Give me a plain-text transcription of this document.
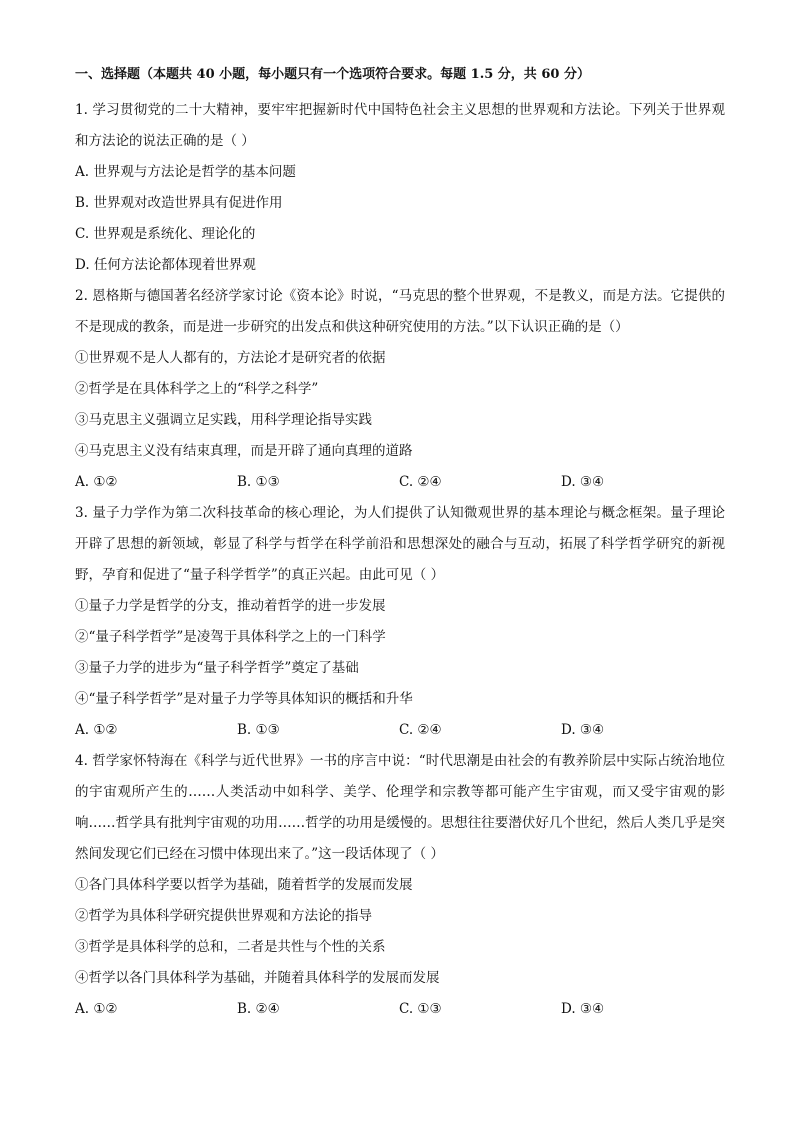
一、选择题（本题共 40 小题，每小题只有一个选项符合要求。每题 1.5 分，共 60 分）
1. 学习贯彻党的二十大精神，要牢牢把握新时代中国特色社会主义思想的世界观和方法论。下列关于世界观和方法论的说法正确的是（ ）
A. 世界观与方法论是哲学的基本问题
B. 世界观对改造世界具有促进作用
C. 世界观是系统化、理论化的
D. 任何方法论都体现着世界观
2. 恩格斯与德国著名经济学家讨论《资本论》时说，“马克思的整个世界观，不是教义，而是方法。它提供的不是现成的教条，而是进一步研究的出发点和供这种研究使用的方法。”以下认识正确的是（）
①世界观不是人人都有的，方法论才是研究者的依据
②哲学是在具体科学之上的“科学之科学”
③马克思主义强调立足实践，用科学理论指导实践
④马克思主义没有结束真理，而是开辟了通向真理的道路
A. ①②	B. ①③	C. ②④	D. ③④
3. 量子力学作为第二次科技革命的核心理论，为人们提供了认知微观世界的基本理论与概念框架。量子理论开辟了思想的新领域，彰显了科学与哲学在科学前沿和思想深处的融合与互动，拓展了科学哲学研究的新视野，孕育和促进了“量子科学哲学”的真正兴起。由此可见（ ）
①量子力学是哲学的分支，推动着哲学的进一步发展
②“量子科学哲学”是凌驾于具体科学之上的一门科学
③量子力学的进步为“量子科学哲学”奠定了基础
④“量子科学哲学”是对量子力学等具体知识的概括和升华
A. ①②	B. ①③	C. ②④	D. ③④
4. 哲学家怀特海在《科学与近代世界》一书的序言中说：“时代思潮是由社会的有教养阶层中实际占统治地位的宇宙观所产生的……人类活动中如科学、美学、伦理学和宗教等都可能产生宇宙观，而又受宇宙观的影响……哲学具有批判宇宙观的功用……哲学的功用是缓慢的。思想往往要潜伏好几个世纪，然后人类几乎是突然间发现它们已经在习惯中体现出来了。”这一段话体现了（ ）
①各门具体科学要以哲学为基础，随着哲学的发展而发展
②哲学为具体科学研究提供世界观和方法论的指导
③哲学是具体科学的总和，二者是共性与个性的关系
④哲学以各门具体科学为基础，并随着具体科学的发展而发展
A. ①②	B. ②④	C. ①③	D. ③④
